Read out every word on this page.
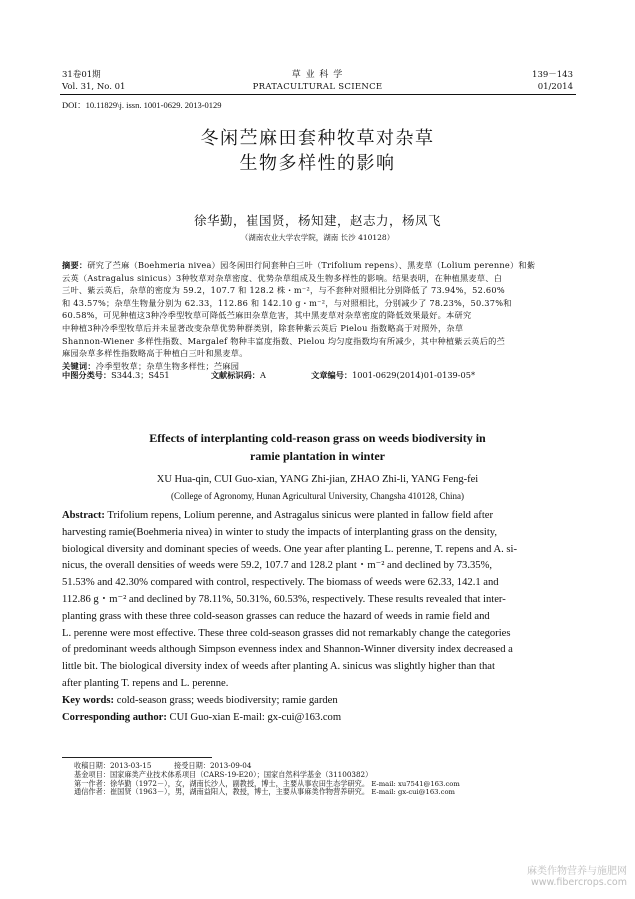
31卷01期
Vol. 31, No. 01
草 业 科 学
PRATACULTURAL SCIENCE
139－143
01/2014
DOI：10.11829\j. issn. 1001-0629. 2013-0129
冬闲苎麻田套种牧草对杂草
生物多样性的影响
徐华勤，崔国贤，杨知建，赵志力，杨凤飞
（湖南农业大学农学院，湖南 长沙 410128）
摘要：研究了苎麻（Boehmeria nivea）园冬闲田行间套种白三叶（Trifolium repens）、黑麦草（Lolium perenne）和紫
云英（Astragalus sinicus）3种牧草对杂草密度、优势杂草组成及生物多样性的影响。结果表明，在种植黑麦草、白
三叶、紫云英后，杂草的密度为 59.2，107.7 和 128.2 株・m⁻²，与不套种对照相比分别降低了 73.94%，52.60%
和 43.57%；杂草生物量分别为 62.33，112.86 和 142.10 g・m⁻²，与对照相比，分别减少了 78.23%，50.37%和
60.58%，可见种植这3种冷季型牧草可降低苎麻田杂草危害，其中黑麦草对杂草密度的降低效果最好。本研究
中种植3种冷季型牧草后并未显著改变杂草优势种群类别，除套种紫云英后 Pielou 指数略高于对照外，杂草
Shannon-Wiener 多样性指数、Margalef 物种丰富度指数、Pielou 均匀度指数均有所减少，其中种植紫云英后的苎
麻园杂草多样性指数略高于种植白三叶和黑麦草。
关键词：冷季型牧草；杂草生物多样性；苎麻园
中图分类号：S344.3；S451	文献标识码：A	文章编号：1001-0629(2014)01-0139-05*
Effects of interplanting cold-reason grass on weeds biodiversity in
ramie plantation in winter
XU Hua-qin, CUI Guo-xian, YANG Zhi-jian, ZHAO Zhi-li, YANG Feng-fei
(College of Agronomy, Hunan Agricultural University, Changsha 410128, China)
Abstract: Trifolium repens, Lolium perenne, and Astragalus sinicus were planted in fallow field after
harvesting ramie(Boehmeria nivea) in winter to study the impacts of interplanting grass on the density,
biological diversity and dominant species of weeds. One year after planting L. perenne, T. repens and A. si-
nicus, the overall densities of weeds were 59.2, 107.7 and 128.2 plant・m⁻² and declined by 73.35%,
51.53% and 42.30% compared with control, respectively. The biomass of weeds were 62.33, 142.1 and
112.86 g・m⁻² and declined by 78.11%, 50.31%, 60.53%, respectively. These results revealed that inter-
planting grass with these three cold-season grasses can reduce the hazard of weeds in ramie field and
L. perenne were most effective. These three cold-season grasses did not remarkably change the categories
of predominant weeds although Simpson evenness index and Shannon-Winner diversity index decreased a
little bit. The biological diversity index of weeds after planting A. sinicus was slightly higher than that
after planting T. repens and L. perenne.
Key words: cold-season grass; weeds biodiversity; ramie garden
Corresponding author: CUI Guo-xian E-mail: gx-cui@163.com
收稿日期：2013-03-15	接受日期：2013-09-04
基金项目：国家麻类产业技术体系项目（CARS-19-E20）；国家自然科学基金（31100382）
第一作者：徐华勤（1972－），女，湖南长沙人，副教授，博士，主要从事农田生态学研究。 E-mail: xu7541@163.com
通信作者：崔国贤（1963－），男，湖南益阳人，教授，博士，主要从事麻类作物营养研究。 E-mail: gx-cui@163.com
麻类作物营养与施肥网
www.fibercrops.com
